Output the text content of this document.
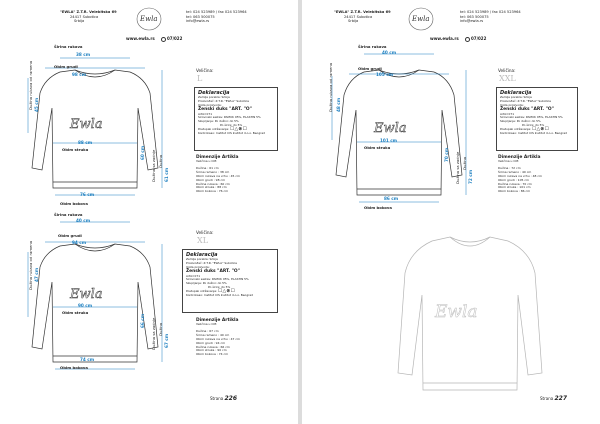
"EWLA" Z.T.R. Velebitska 69
24417 Subotica
Srbija	Ewla
tel: 024 523989 / fax 024 523964
tel: 063 500075
info@ewla.rs
www.ewla.rs	07/022
Ewla
Širina rukava
38 cm
Obim grudi
98 cm
88 cm
Obim struka
76 cm
Obim bokova
Dužina rukava od ramena 45 cm
Dužina sa zadnje
60 cm
Dužina
61 cm
Veličina:
L
Deklaracija
Zemlja porekla: Srbija
Proizvođač: Z.T.R. "EWLA" Subotica
Vrsta proizvoda:
Ženski duks "ART. "O"
Artikl 071
Sirovinski sastav: PAMUK 95%, ELASTIN 5%
Skupljanje: Po dužini: do 5%
Po širini: do 5%
Postupak održavanja: ☐△⊗☐
Kontrolisao: Institut CIS Institut d.o.o. Beograd
Dimenzije Artikla
Veličina u CM:
Dužina : 61 cm
Širina rameno : 38 cm
Obim rukava na vrhu : 45 cm
Obim grudi : 98 cm
Dužina rukava : 60 cm
Obim struka : 88 cm
Obim bokova : 76 cm
Ewla
Širina rukava
40 cm
Obim grudi
94 cm
90 cm
Obim struka
74 cm
Obim bokova
Dužina rukava od ramena 47 cm
Dužina sa zadnje
66 cm
Dužina
67 cm
Veličina:
XL
Deklaracija
Zemlja porekla: Srbija
Proizvođač: Z.T.R. "EWLA" Subotica
Vrsta proizvoda:
Ženski duks "ART. "O"
Artikl 071
Sirovinski sastav: PAMUK 95%, ELASTIN 5%
Skupljanje: Po dužini: do 5%
Po širini: do 5%
Postupak održavanja: ☐△⊗☐
Kontrolisao: Institut CIS Institut d.o.o. Beograd
Dimenzije Artikla
Veličina u CM:
Dužina : 67 cm
Širina rameno : 40 cm
Obim rukava na vrhu : 47 cm
Obim grudi : 94 cm
Dužina rukava : 66 cm
Obim struka : 90 cm
Obim bokova : 74 cm
Strana 226
"EWLA" Z.T.R. Velebitska 69
24417 Subotica
Srbija	Ewla
tel: 024 523989 / fax 024 523964
tel: 063 500075
info@ewla.rs
www.ewla.rs	07/022
Ewla
Širina rukava
40 cm
Obim grudi
105 cm
101 cm
Obim struka
86 cm
Obim bokova
Dužina rukava od ramena 48 cm
Dužina sa zadnje
70 cm
Dužina
72 cm
Veličina:
XXL
Deklaracija
Zemlja porekla: Srbija
Proizvođač: Z.T.R. "EWLA" Subotica
Vrsta proizvoda:
Ženski duks "ART. "O"
Artikl 071
Sirovinski sastav: PAMUK 95%, ELASTIN 5%
Skupljanje: Po dužini: do 5%
Po širini: do 5%
Postupak održavanja: ☐△⊗☐
Kontrolisao: Institut CIS Institut d.o.o. Beograd
Dimenzije Artikla
Veličina u CM:
Dužina : 72 cm
Širina rameno : 40 cm
Obim rukava na vrhu : 48 cm
Obim grudi : 105 cm
Dužina rukava : 70 cm
Obim struka : 101 cm
Obim bokova : 86 cm
Ewla
Strana 227
